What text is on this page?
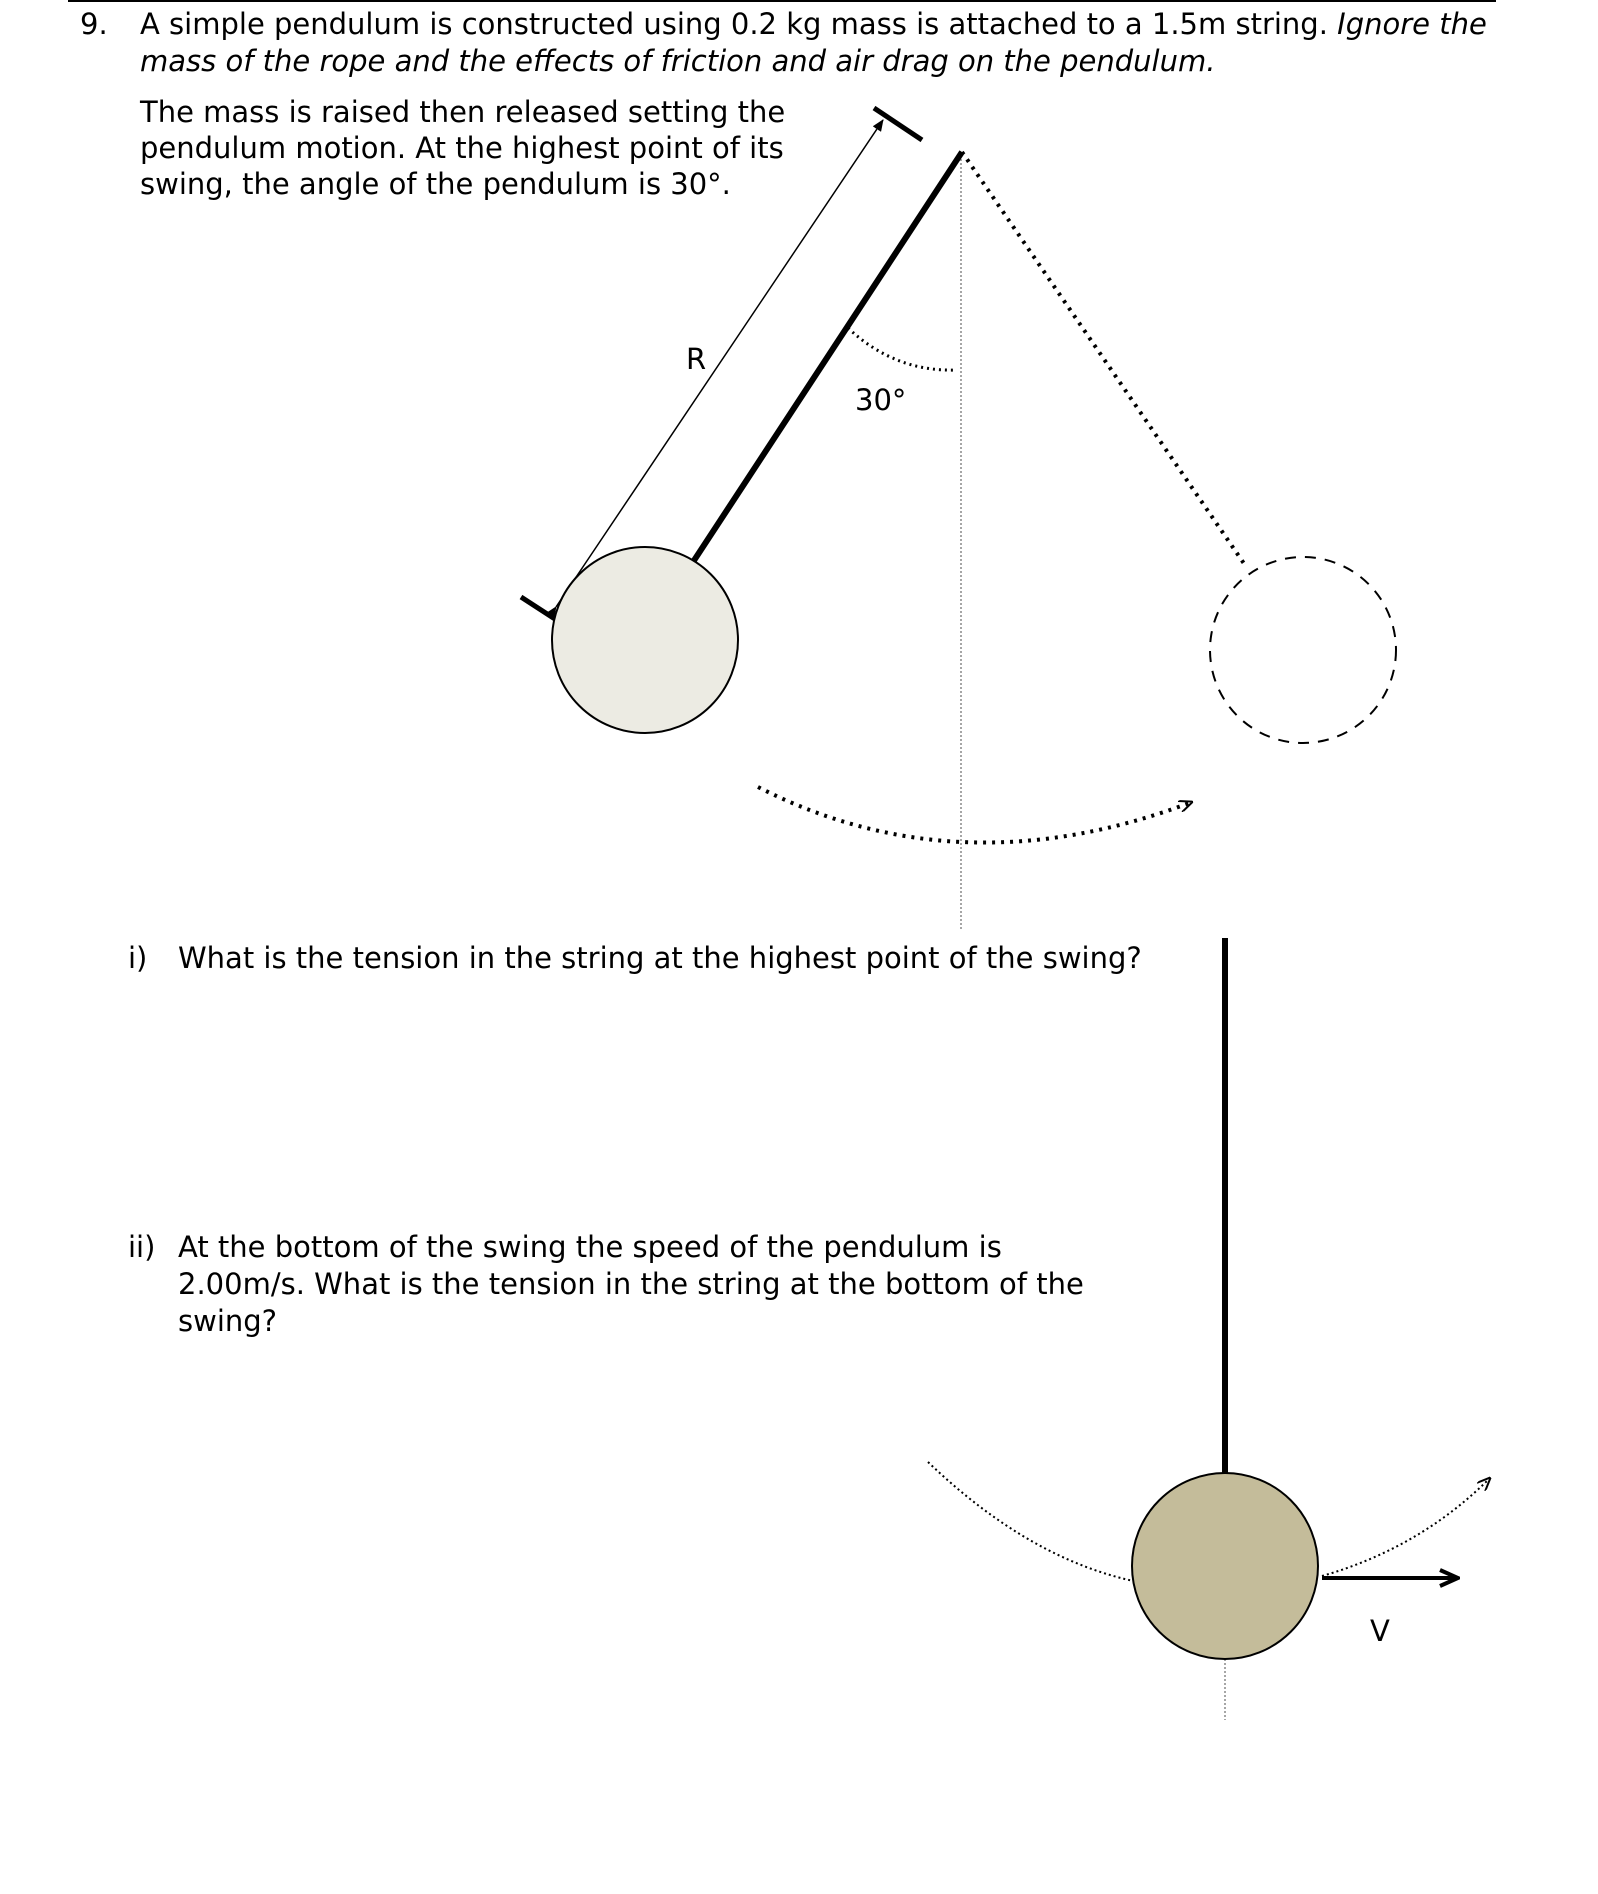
9. A simple pendulum is constructed using 0.2 kg mass is attached to a 1.5m string. Ignore the mass of the rope and the effects of friction and air drag on the pendulum.
The mass is raised then released setting the pendulum motion. At the highest point of its swing, the angle of the pendulum is 30°.
i) What is the tension in the string at the highest point of the swing?
ii) At the bottom of the swing the speed of the pendulum is 2.00m/s. What is the tension in the string at the bottom of the swing?
R
30°
V
